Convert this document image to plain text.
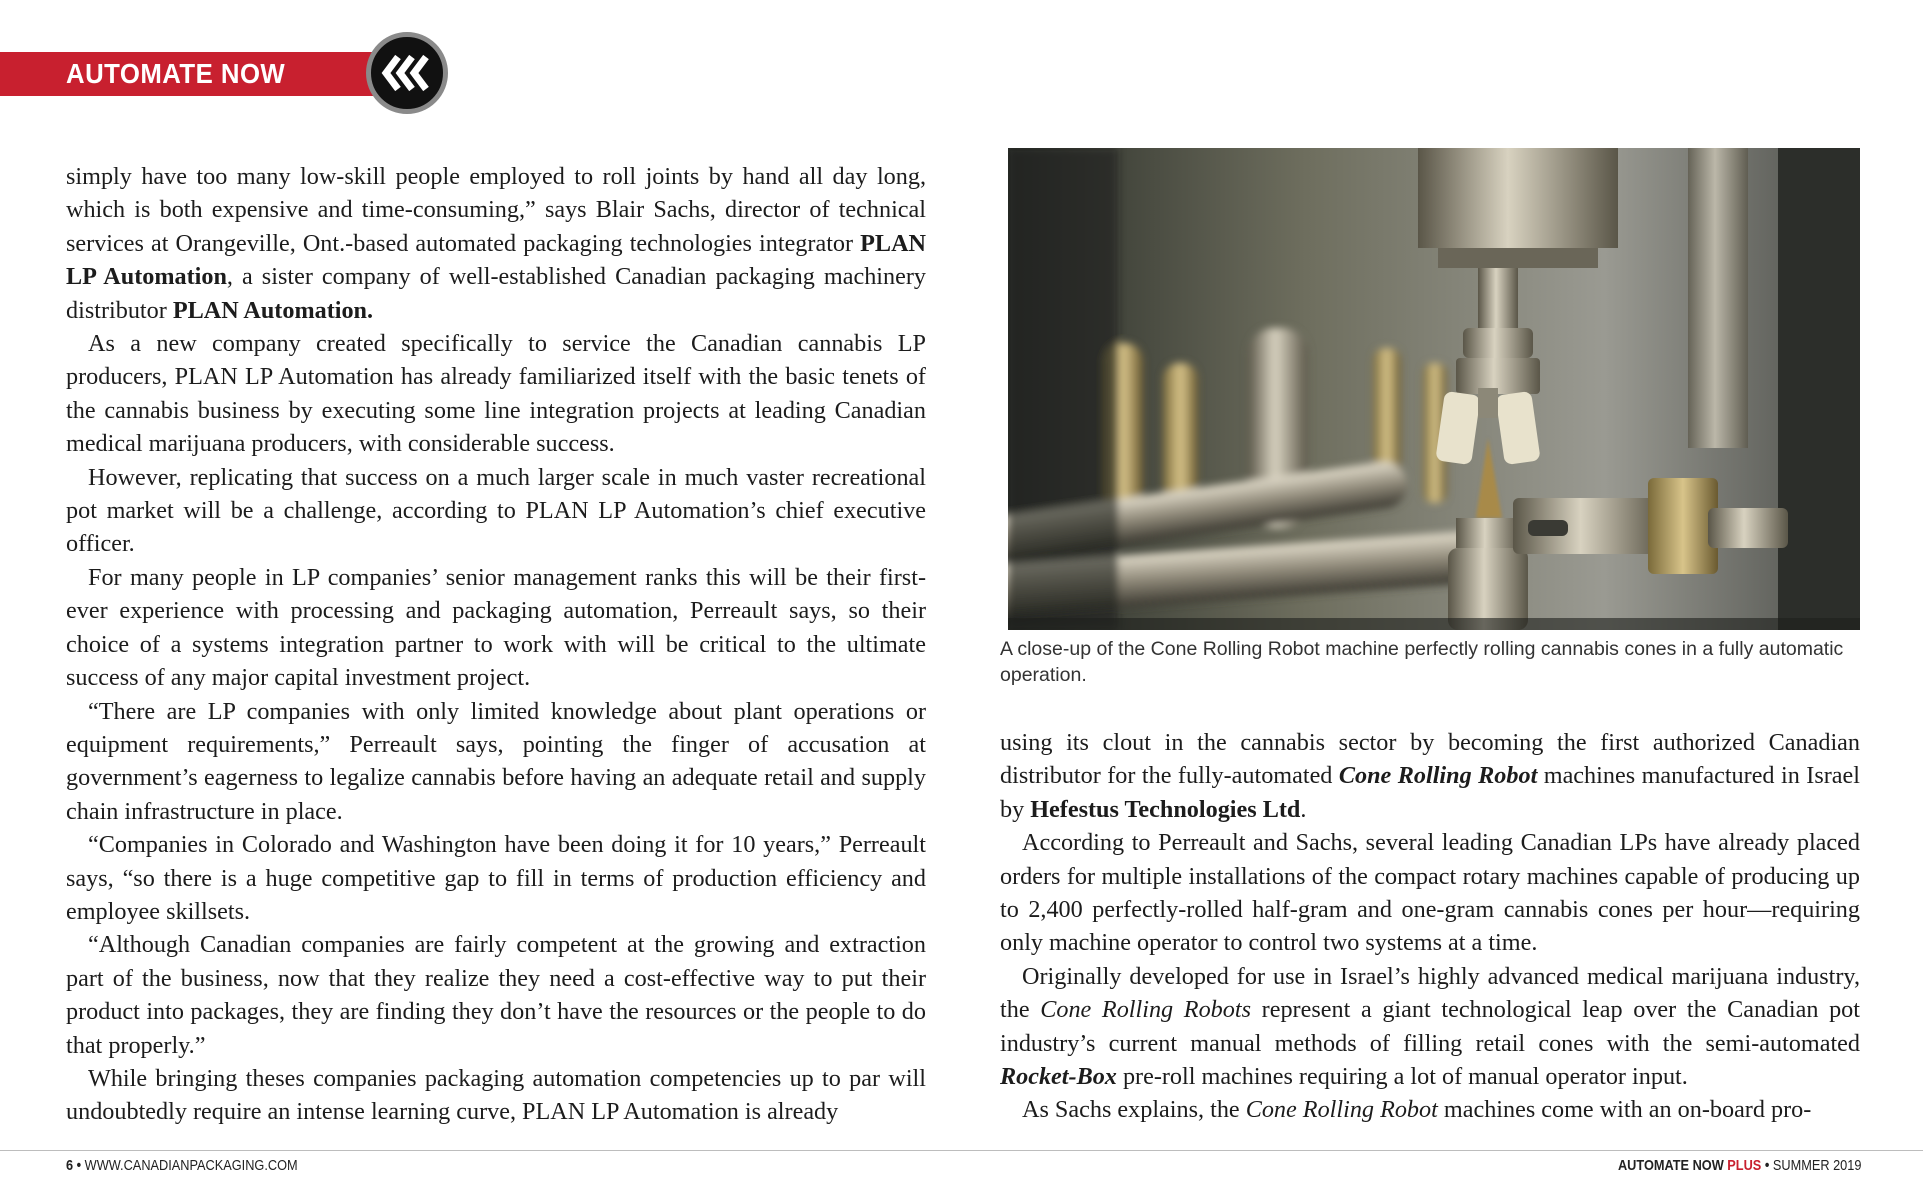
AUTOMATE NOW

simply have too many low-skill people employed to roll joints by hand all day long, which is both expensive and time-consuming,” says Blair Sachs, director of technical services at Orangeville, Ont.-based automated packaging technologies integrator PLAN LP Automation, a sister company of well-established Canadian packaging machinery distributor PLAN Automation.

As a new company created specifically to service the Canadian cannabis LP producers, PLAN LP Automation has already familiarized itself with the basic tenets of the cannabis business by executing some line integration projects at leading Canadian medical marijuana producers, with considerable success.

However, replicating that success on a much larger scale in much vaster recreational pot market will be a challenge, according to PLAN LP Automation’s chief executive officer.

For many people in LP companies’ senior management ranks this will be their first-ever experience with processing and packaging automation, Perreault says, so their choice of a systems integration partner to work with will be critical to the ultimate success of any major capital investment project.

“There are LP companies with only limited knowledge about plant operations or equipment requirements,” Perreault says, pointing the finger of accusation at government’s eagerness to legalize cannabis before having an adequate retail and supply chain infrastructure in place.

“Companies in Colorado and Washington have been doing it for 10 years,” Perreault says, “so there is a huge competitive gap to fill in terms of production efficiency and employee skillsets.

“Although Canadian companies are fairly competent at the growing and extraction part of the business, now that they realize they need a cost-effective way to put their product into packages, they are finding they don’t have the resources or the people to do that properly.”

While bringing theses companies packaging automation competencies up to par will undoubtedly require an intense learning curve, PLAN LP Automation is already

A close-up of the Cone Rolling Robot machine perfectly rolling cannabis cones in a fully automatic operation.

using its clout in the cannabis sector by becoming the first authorized Canadian distributor for the fully-automated Cone Rolling Robot machines manufactured in Israel by Hefestus Technologies Ltd.

According to Perreault and Sachs, several leading Canadian LPs have already placed orders for multiple installations of the compact rotary machines capable of producing up to 2,400 perfectly-rolled half-gram and one-gram cannabis cones per hour—requiring only machine operator to control two systems at a time.

Originally developed for use in Israel’s highly advanced medical marijuana industry, the Cone Rolling Robots represent a giant technological leap over the Canadian pot industry’s current manual methods of filling retail cones with the semi-automated Rocket-Box pre-roll machines requiring a lot of manual operator input.

As Sachs explains, the Cone Rolling Robot machines come with an on-board pro-

6 • WWW.CANADIANPACKAGING.COM	AUTOMATE NOW PLUS • SUMMER 2019
